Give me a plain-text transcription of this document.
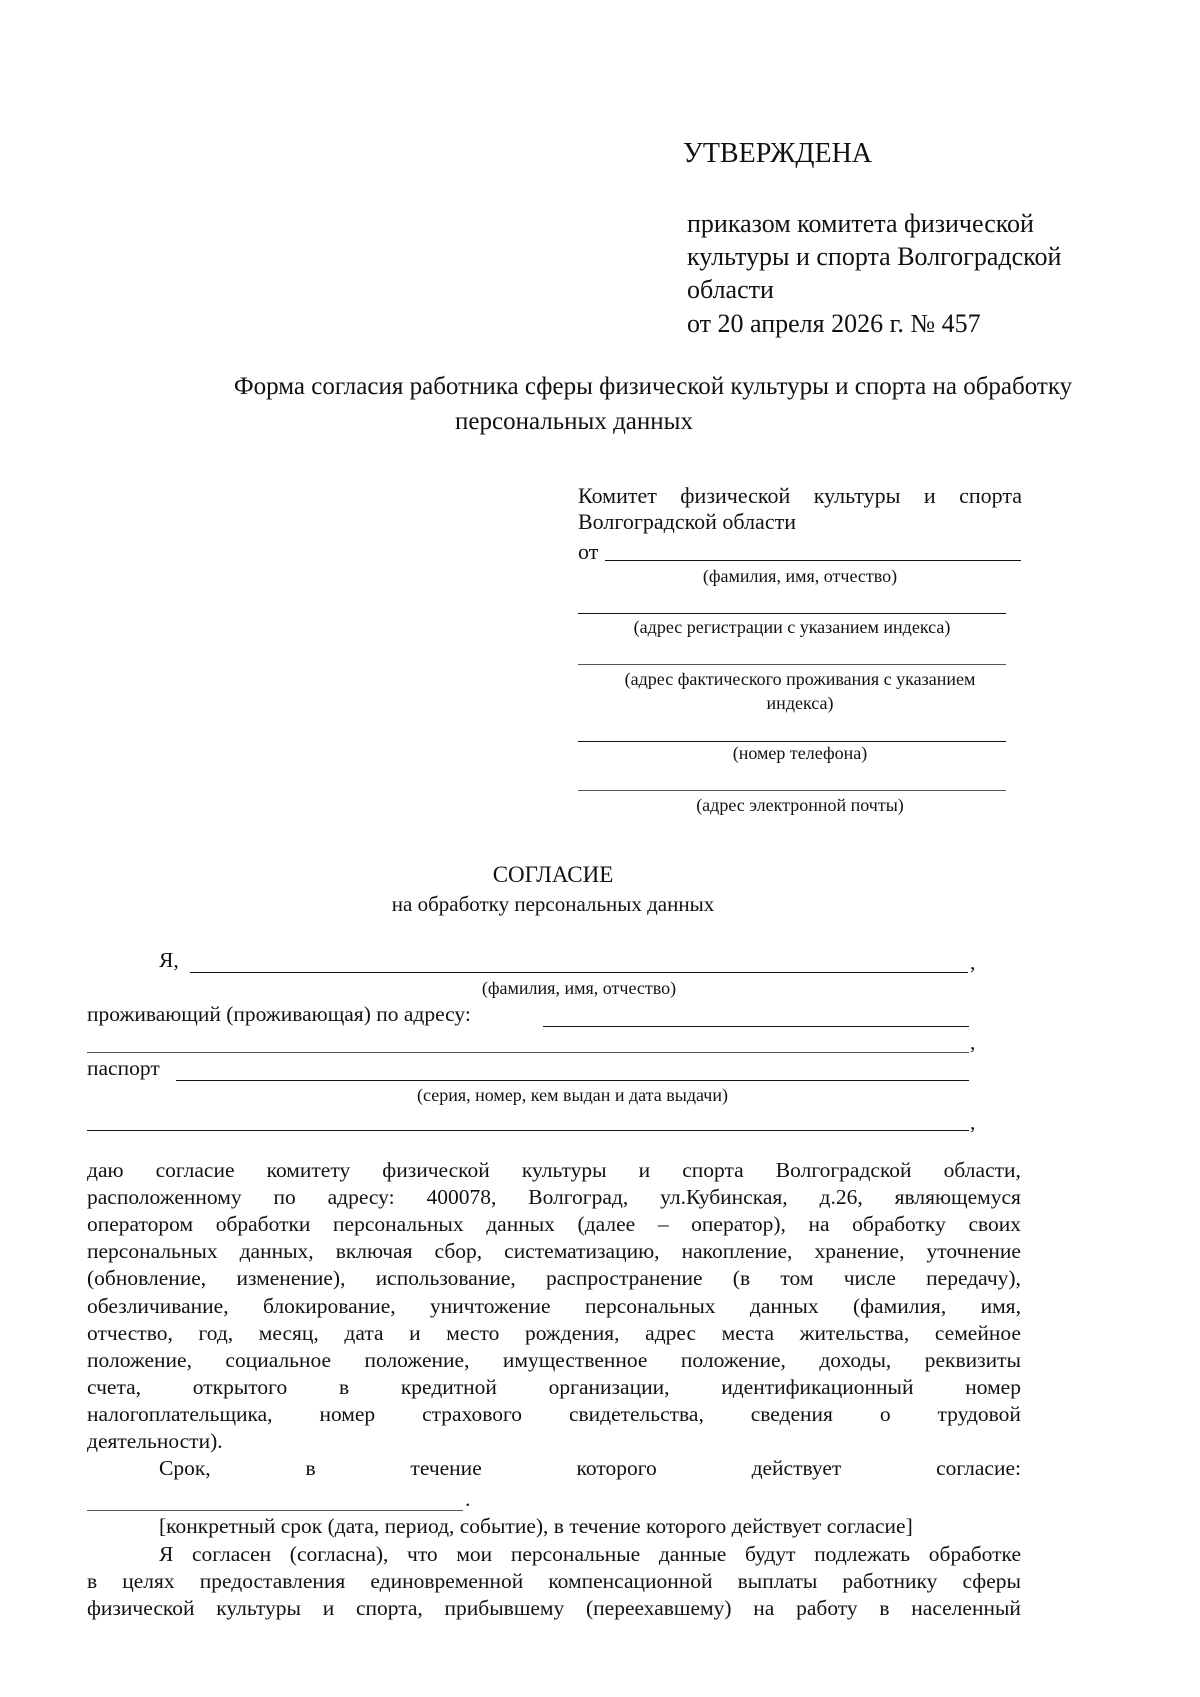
УТВЕРЖДЕНА
приказом комитета физической
культуры и спорта Волгоградской
области
от 20 апреля 2026 г. № 457
Форма согласия работника сферы физической культуры и спорта на обработку
персональных данных
Комитет физической культуры и спорта
Волгоградской области
от
(фамилия, имя, отчество)
(адрес регистрации с указанием индекса)
(адрес фактического проживания с указанием
индекса)
(номер телефона)
(адрес электронной почты)
СОГЛАСИЕ
на обработку персональных данных
Я,	,
(фамилия, имя, отчество)
проживающий (проживающая) по адресу:
,
паспорт
(серия, номер, кем выдан и дата выдачи)
,
даю согласие комитету физической культуры и спорта Волгоградской области,
расположенному по адресу: 400078, Волгоград, ул.Кубинская, д.26, являющемуся
оператором обработки персональных данных (далее – оператор), на обработку своих
персональных данных, включая сбор, систематизацию, накопление, хранение, уточнение
(обновление, изменение), использование, распространение (в том числе передачу),
обезличивание, блокирование, уничтожение персональных данных (фамилия, имя,
отчество, год, месяц, дата и место рождения, адрес места жительства, семейное
положение, социальное положение, имущественное положение, доходы, реквизиты
счета, открытого в кредитной организации, идентификационный номер
налогоплательщика, номер страхового свидетельства, сведения о трудовой
деятельности).
Срок,	в	течение	которого	действует	согласие:
.
[конкретный срок (дата, период, событие), в течение которого действует согласие]
Я согласен (согласна), что мои персональные данные будут подлежать обработке
в целях предоставления единовременной компенсационной выплаты работнику сферы
физической культуры и спорта, прибывшему (переехавшему) на работу в населенный
